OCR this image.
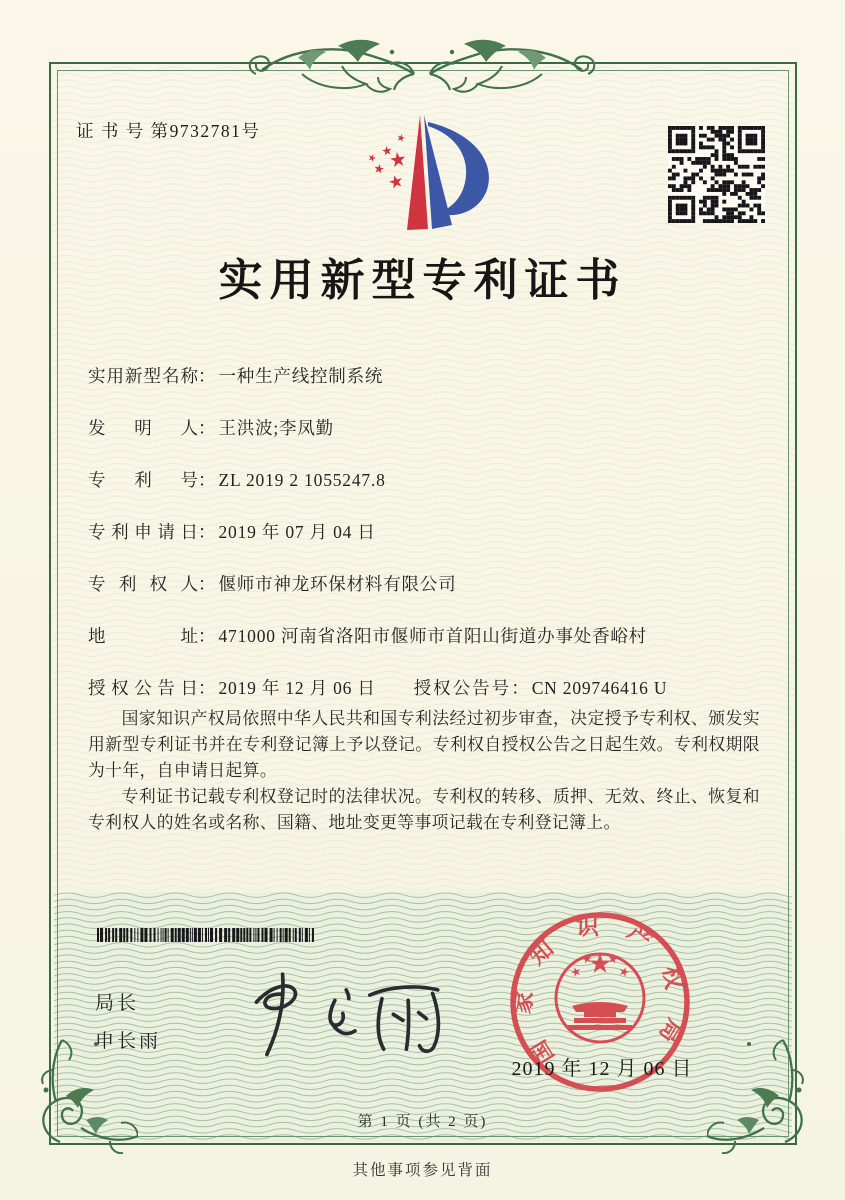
证 书 号 第9732781号
实用新型专利证书
实用新型名称 ： 一种生产线控制系统
发明人 ： 王洪波;李凤勤
专利号 ： ZL 2019 2 1055247.8
专利申请日 ： 2019 年 07 月 04 日
专利权人 ： 偃师市神龙环保材料有限公司
地址 ： 471000 河南省洛阳市偃师市首阳山街道办事处香峪村
授权公告日 ： 2019 年 12 月 06 日 授权公告号 ： CN 209746416 U

国家知识产权局依照中华人民共和国专利法经过初步审查，决定授予专利权、颁发实用新型专利证书并在专利登记簿上予以登记。专利权自授权公告之日起生效。专利权期限为十年，自申请日起算。

专利证书记载专利权登记时的法律状况。专利权的转移、质押、无效、终止、恢复和专利权人的姓名或名称、国籍、地址变更等事项记载在专利登记簿上。

局长
申长雨	国家知识产权局
2019 年 12 月 06 日
第 1 页 (共 2 页)
其他事项参见背面
